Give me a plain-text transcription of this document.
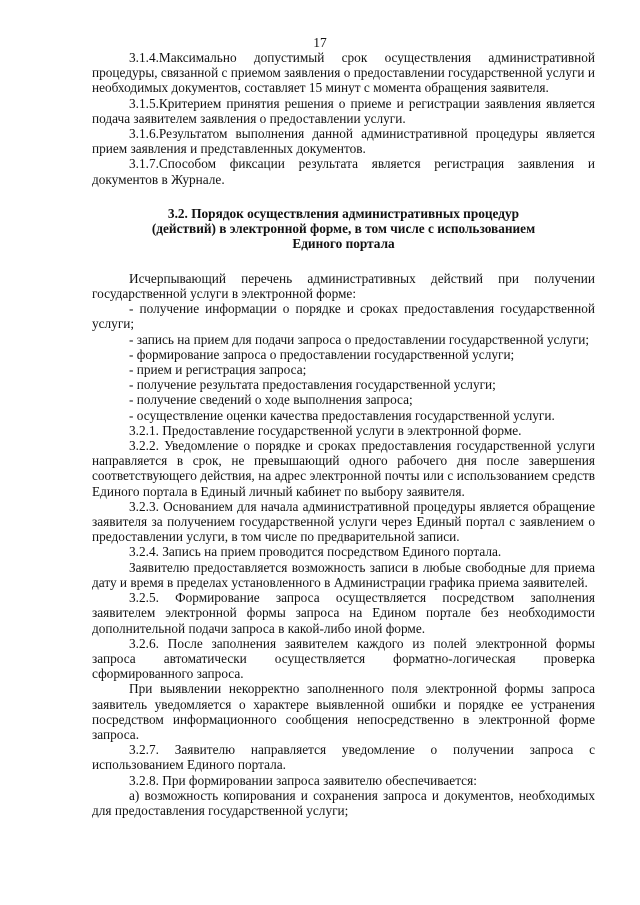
17

3.1.4.Максимально допустимый срок осуществления административной процедуры, связанной с приемом заявления о предоставлении государственной услуги и необходимых документов, составляет 15 минут с момента обращения заявителя.

3.1.5.Критерием принятия решения о приеме и регистрации заявления является подача заявителем заявления о предоставлении услуги.

3.1.6.Результатом выполнения данной административной процедуры является прием заявления и представленных документов.

3.1.7.Способом фиксации результата является регистрация заявления и документов в Журнале.

3.2. Порядок осуществления административных процедур
(действий) в электронной форме, в том числе с использованием
Единого портала

Исчерпывающий перечень административных действий при получении государственной услуги в электронной форме:

- получение информации о порядке и сроках предоставления государственной услуги;

- запись на прием для подачи запроса о предоставлении государственной услуги;

- формирование запроса о предоставлении государственной услуги;

- прием и регистрация запроса;

- получение результата предоставления государственной услуги;

- получение сведений о ходе выполнения запроса;

- осуществление оценки качества предоставления государственной услуги.

3.2.1. Предоставление государственной услуги в электронной форме.

3.2.2. Уведомление о порядке и сроках предоставления государственной услуги направляется в срок, не превышающий одного рабочего дня после завершения соответствующего действия, на адрес электронной почты или с использованием средств Единого портала в Единый личный кабинет по выбору заявителя.

3.2.3. Основанием для начала административной процедуры является обращение заявителя за получением государственной услуги через Единый портал с заявлением о предоставлении услуги, в том числе по предварительной записи.

3.2.4. Запись на прием проводится посредством Единого портала.

Заявителю предоставляется возможность записи в любые свободные для приема дату и время в пределах установленного в Администрации графика приема заявителей.

3.2.5. Формирование запроса осуществляется посредством заполнения заявителем электронной формы запроса на Едином портале без необходимости дополнительной подачи запроса в какой-либо иной форме.

3.2.6. После заполнения заявителем каждого из полей электронной формы запроса автоматически осуществляется форматно-логическая проверка сформированного запроса.

При выявлении некорректно заполненного поля электронной формы запроса заявитель уведомляется о характере выявленной ошибки и порядке ее устранения посредством информационного сообщения непосредственно в электронной форме запроса.

3.2.7. Заявителю направляется уведомление о получении запроса с использованием Единого портала.

3.2.8. При формировании запроса заявителю обеспечивается:

а) возможность копирования и сохранения запроса и документов, необходимых для предоставления государственной услуги;
